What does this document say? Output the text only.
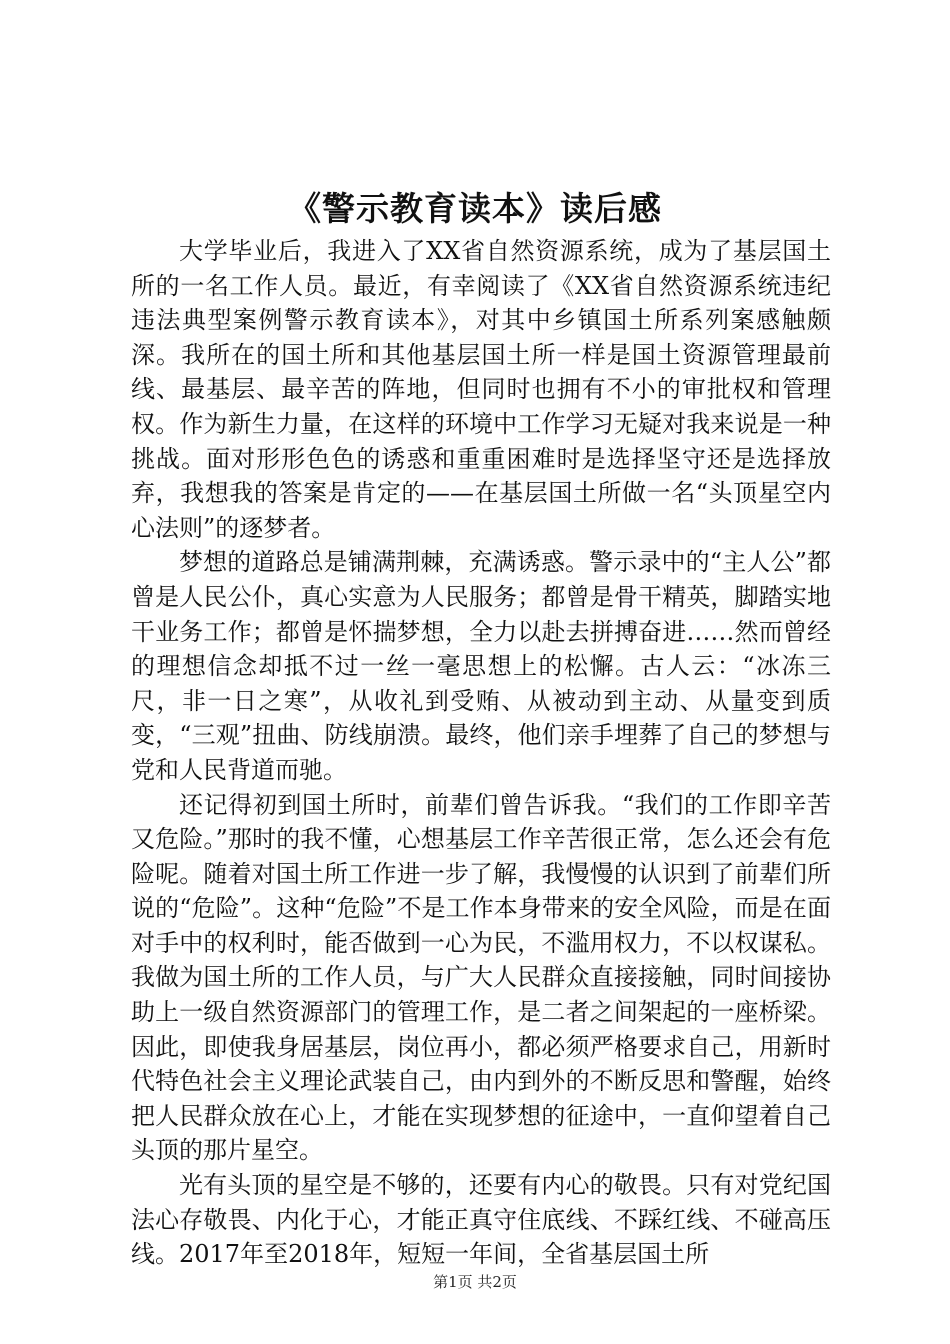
《警示教育读本》读后感

大学毕业后，我进入了XX省自然资源系统，成为了基层国土所的一名工作人员。最近，有幸阅读了《XX省自然资源系统违纪违法典型案例警示教育读本》，对其中乡镇国土所系列案感触颇深。我所在的国土所和其他基层国土所一样是国土资源管理最前线、最基层、最辛苦的阵地，但同时也拥有不小的审批权和管理权。作为新生力量，在这样的环境中工作学习无疑对我来说是一种挑战。面对形形色色的诱惑和重重困难时是选择坚守还是选择放弃，我想我的答案是肯定的——在基层国土所做一名“头顶星空内心法则”的逐梦者。

梦想的道路总是铺满荆棘，充满诱惑。警示录中的“主人公”都曾是人民公仆，真心实意为人民服务；都曾是骨干精英，脚踏实地干业务工作；都曾是怀揣梦想，全力以赴去拼搏奋进……然而曾经的理想信念却抵不过一丝一毫思想上的松懈。古人云：“冰冻三尺，非一日之寒”，从收礼到受贿、从被动到主动、从量变到质变，“三观”扭曲、防线崩溃。最终，他们亲手埋葬了自己的梦想与党和人民背道而驰。

还记得初到国土所时，前辈们曾告诉我。“我们的工作即辛苦又危险。”那时的我不懂，心想基层工作辛苦很正常，怎么还会有危险呢。随着对国土所工作进一步了解，我慢慢的认识到了前辈们所说的“危险”。这种“危险”不是工作本身带来的安全风险，而是在面对手中的权利时，能否做到一心为民，不滥用权力，不以权谋私。我做为国土所的工作人员，与广大人民群众直接接触，同时间接协助上一级自然资源部门的管理工作，是二者之间架起的一座桥梁。因此，即使我身居基层，岗位再小，都必须严格要求自己，用新时代特色社会主义理论武装自己，由内到外的不断反思和警醒，始终把人民群众放在心上，才能在实现梦想的征途中，一直仰望着自己头顶的那片星空。

光有头顶的星空是不够的，还要有内心的敬畏。只有对党纪国法心存敬畏、内化于心，才能正真守住底线、不踩红线、不碰高压线。2017年至2018年，短短一年间，全省基层国土所

第1页 共2页
